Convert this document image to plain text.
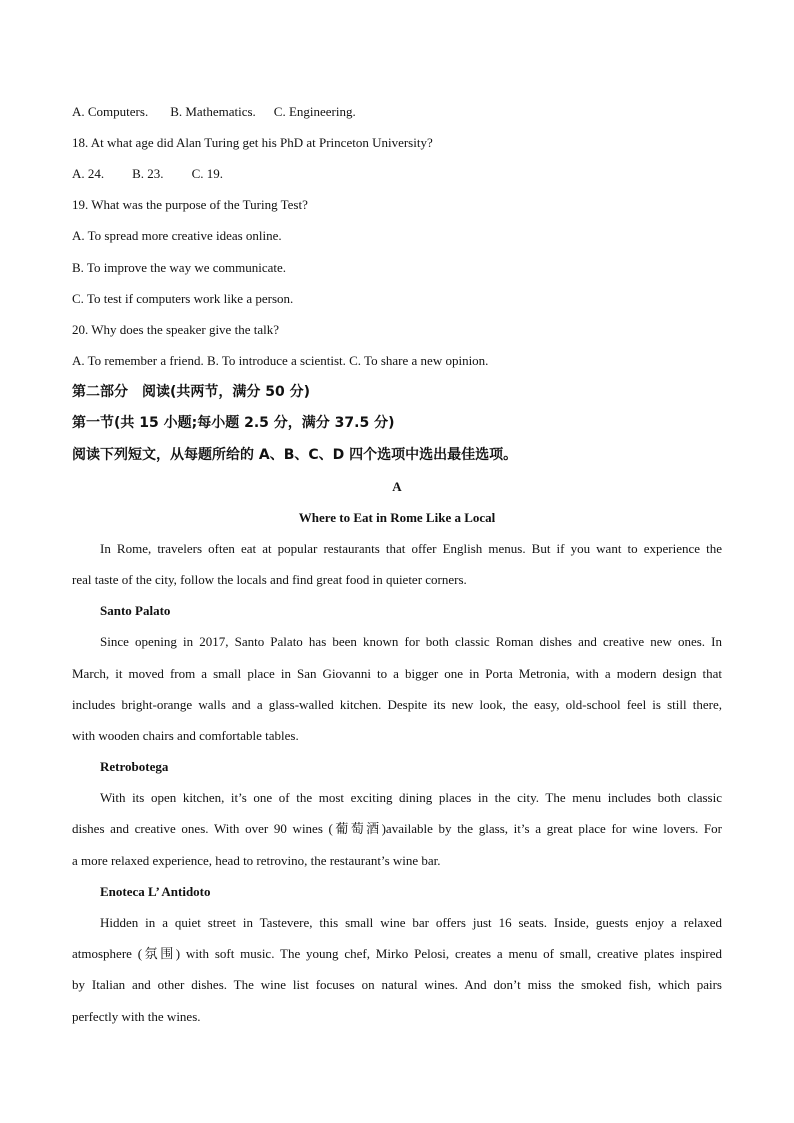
A. Computers. B. Mathematics. C. Engineering.
18. At what age did Alan Turing get his PhD at Princeton University?
A. 24. B. 23. C. 19.
19. What was the purpose of the Turing Test?
A. To spread more creative ideas online.
B. To improve the way we communicate.
C. To test if computers work like a person.
20. Why does the speaker give the talk?
A. To remember a friend. B. To introduce a scientist. C. To share a new opinion.
第二部分　阅读(共两节，满分 50 分)
第一节(共 15 小题;每小题 2.5 分，满分 37.5 分)
阅读下列短文，从每题所给的 A、B、C、D 四个选项中选出最佳选项。
A
Where to Eat in Rome Like a Local
In Rome, travelers often eat at popular restaurants that offer English menus. But if you want to experience the
real taste of the city, follow the locals and find great food in quieter corners.
Santo Palato
Since opening in 2017, Santo Palato has been known for both classic Roman dishes and creative new ones. In
March, it moved from a small place in San Giovanni to a bigger one in Porta Metronia, with a modern design that
includes bright-orange walls and a glass-walled kitchen. Despite its new look, the easy, old-school feel is still there,
with wooden chairs and comfortable tables.
Retrobotega
With its open kitchen, it’s one of the most exciting dining places in the city. The menu includes both classic
dishes and creative ones. With over 90 wines (葡萄酒)available by the glass, it’s a great place for wine lovers. For
a more relaxed experience, head to retrovino, the restaurant’s wine bar.
Enoteca L’ Antidoto
Hidden in a quiet street in Tastevere, this small wine bar offers just 16 seats. Inside, guests enjoy a relaxed
atmosphere (氛围) with soft music. The young chef, Mirko Pelosi, creates a menu of small, creative plates inspired
by Italian and other dishes. The wine list focuses on natural wines. And don’t miss the smoked fish, which pairs
perfectly with the wines.
